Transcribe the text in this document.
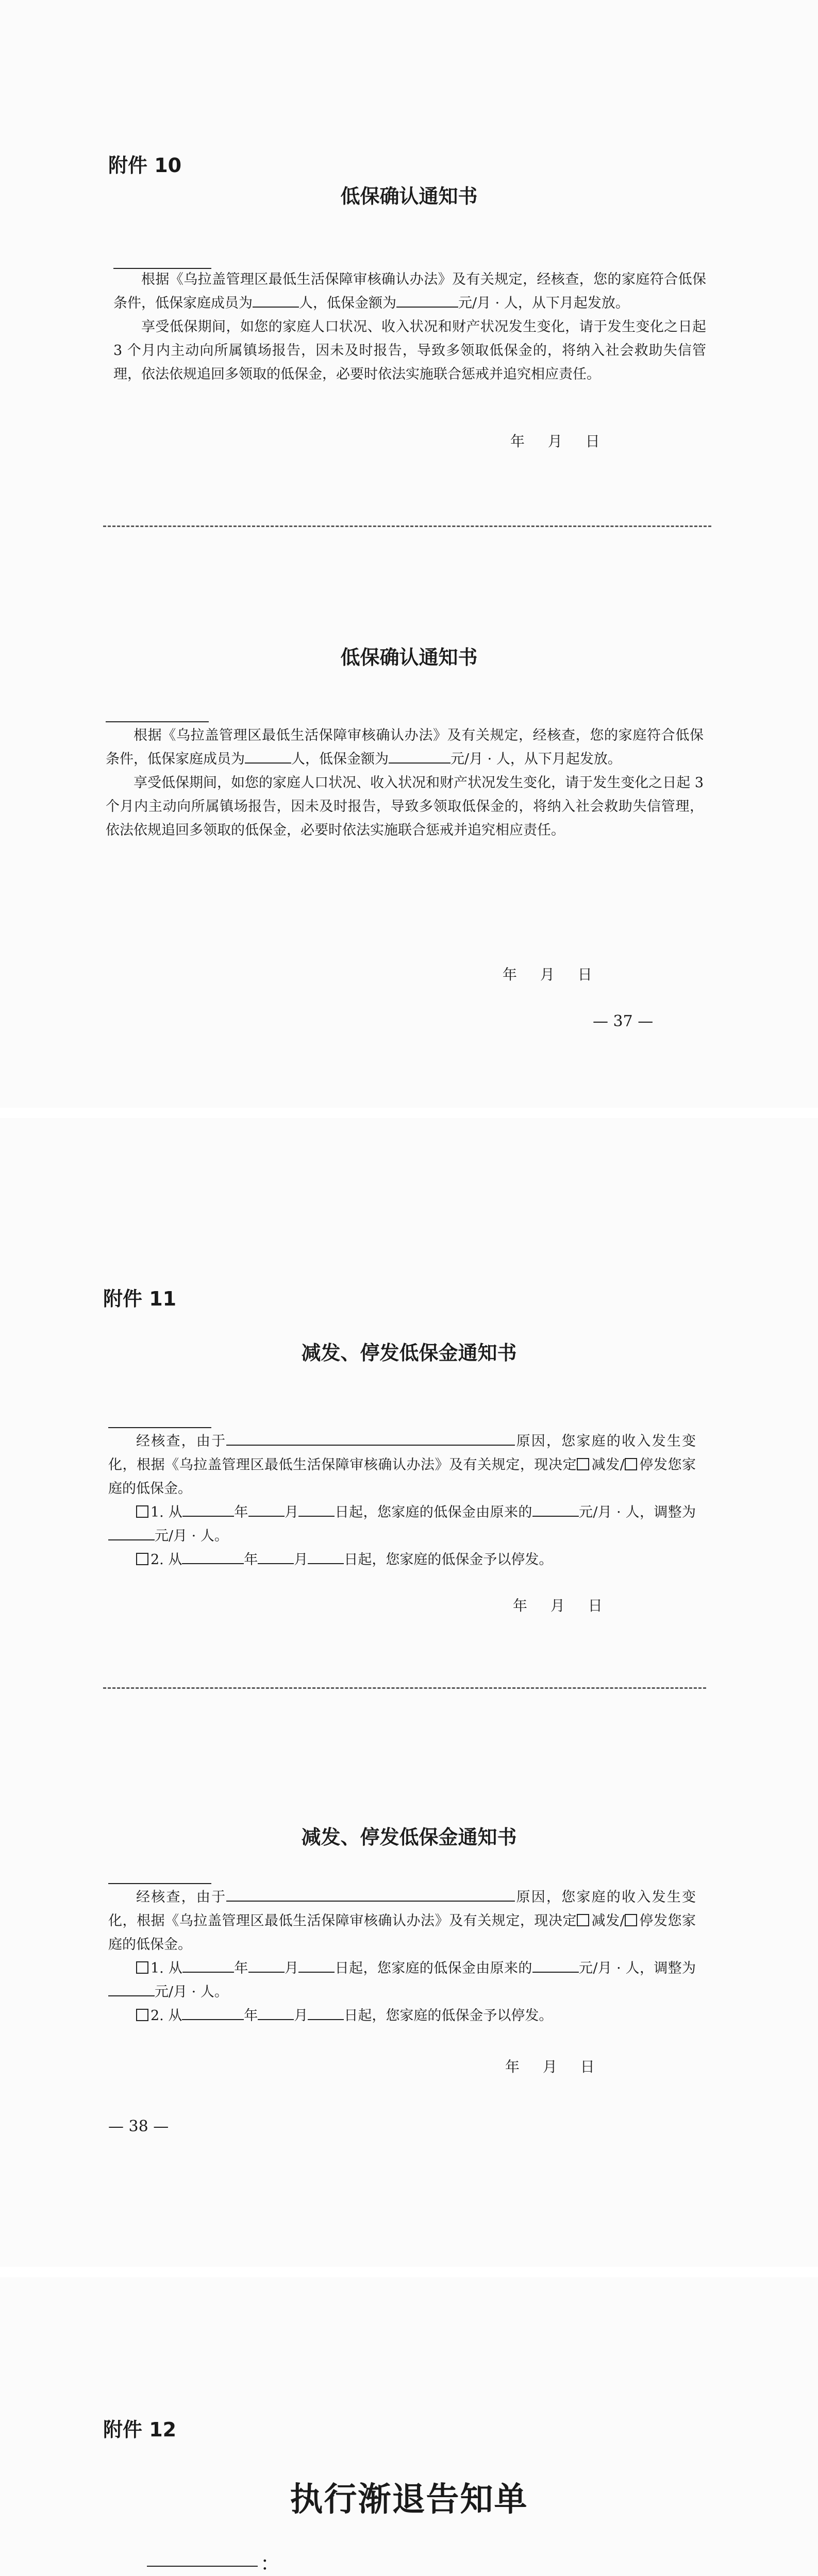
附件 10
低保确认通知书
根据《乌拉盖管理区最低生活保障审核确认办法》及有关规定，经核查，您的家庭符合低保条件，低保家庭成员为	人，低保金额为	元/月 · 人，从下月起发放。
享受低保期间，如您的家庭人口状况、收入状况和财产状况发生变化，请于发生变化之日起 3 个月内主动向所属镇场报告，因未及时报告，导致多领取低保金的，将纳入社会救助失信管理，依法依规追回多领取的低保金，必要时依法实施联合惩戒并追究相应责任。
年 月 日
低保确认通知书
根据《乌拉盖管理区最低生活保障审核确认办法》及有关规定，经核查，您的家庭符合低保条件，低保家庭成员为	人，低保金额为	元/月 · 人，从下月起发放。
享受低保期间，如您的家庭人口状况、收入状况和财产状况发生变化，请于发生变化之日起 3 个月内主动向所属镇场报告，因未及时报告，导致多领取低保金的，将纳入社会救助失信管理，依法依规追回多领取的低保金，必要时依法实施联合惩戒并追究相应责任。
年 月 日
— 37 —
附件 11
减发、停发低保金通知书
经核查，由于	原因，您家庭的收入发生变化，根据《乌拉盖管理区最低生活保障审核确认办法》及有关规定，现决定 减发/ 停发您家庭的低保金。
1. 从	年	月	日起，您家庭的低保金由原来的	元/月 · 人，调整为元/月 · 人。
2. 从	年	月	日起，您家庭的低保金予以停发。
年 月 日
减发、停发低保金通知书
经核查，由于	原因，您家庭的收入发生变化，根据《乌拉盖管理区最低生活保障审核确认办法》及有关规定，现决定 减发/ 停发您家庭的低保金。
1. 从	年	月	日起，您家庭的低保金由原来的	元/月 · 人，调整为元/月 · 人。
2. 从	年	月	日起，您家庭的低保金予以停发。
年 月 日
— 38 —
附件 12
执行渐退告知单
：
